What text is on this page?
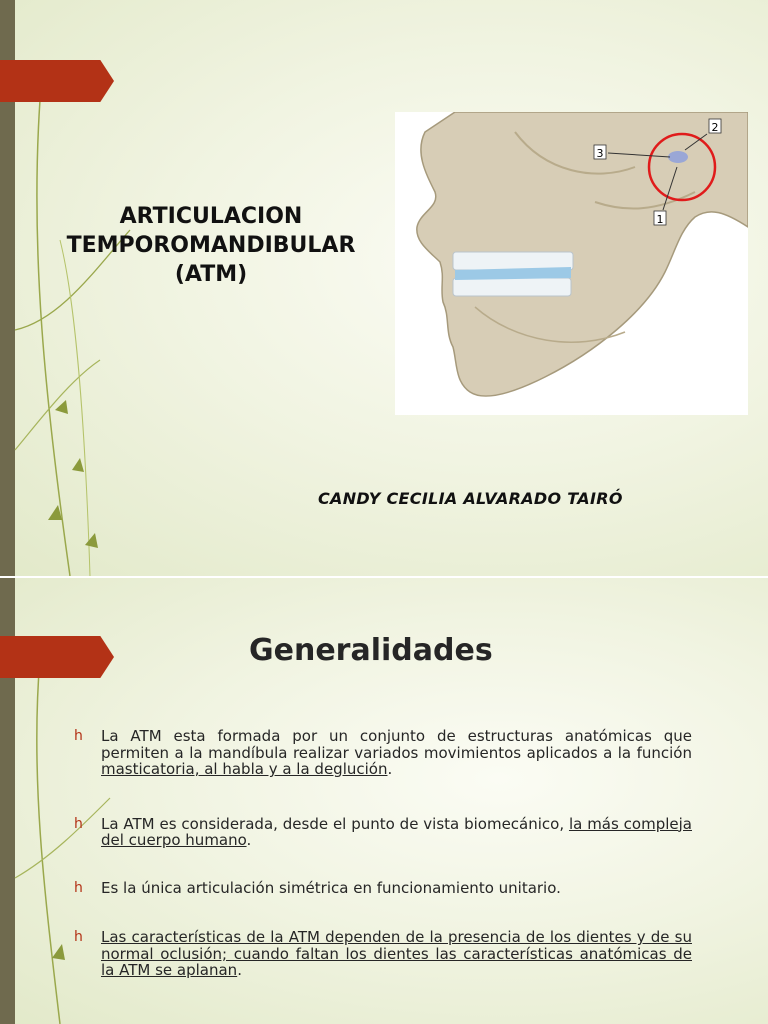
ARTICULACION
TEMPOROMANDIBULAR
(ATM)
3
2
1
CANDY CECILIA ALVARADO TAIRÓ
Generalidades
h La ATM esta formada por un conjunto de estructuras anatómicas que permiten a la mandíbula realizar variados movimientos aplicados a la función masticatoria, al habla y a la deglución.
h La ATM es considerada, desde el punto de vista biomecánico, la más compleja del cuerpo humano.
h Es la única articulación simétrica en funcionamiento unitario.
h Las características de la ATM dependen de la presencia de los dientes y de su normal oclusión; cuando faltan los dientes las características anatómicas de la ATM se aplanan.
